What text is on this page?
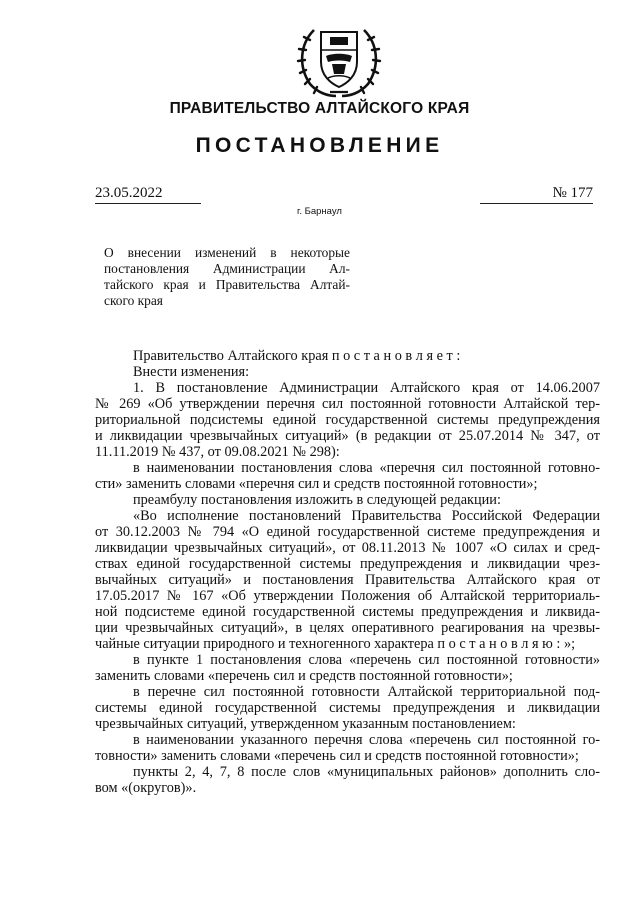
ПРАВИТЕЛЬСТВО АЛТАЙСКОГО КРАЯ
ПОСТАНОВЛЕНИЕ
23.05.2022	№ 177
г. Барнаул
О внесении изменений в некоторые
постановления Администрации Ал-
тайского края и Правительства Алтай-
ского края
Правительство Алтайского края п о с т а н о в л я е т :
Внести изменения:
1. В постановление Администрации Алтайского края от 14.06.2007
№ 269 «Об утверждении перечня сил постоянной готовности Алтайской тер-
риториальной подсистемы единой государственной системы предупреждения
и ликвидации чрезвычайных ситуаций» (в редакции от 25.07.2014 № 347, от
11.11.2019 № 437, от 09.08.2021 № 298):
в наименовании постановления слова «перечня сил постоянной готовно-
сти» заменить словами «перечня сил и средств постоянной готовности»;
преамбулу постановления изложить в следующей редакции:
«Во исполнение постановлений Правительства Российской Федерации
от 30.12.2003 № 794 «О единой государственной системе предупреждения и
ликвидации чрезвычайных ситуаций», от 08.11.2013 № 1007 «О силах и сред-
ствах единой государственной системы предупреждения и ликвидации чрез-
вычайных ситуаций» и постановления Правительства Алтайского края от
17.05.2017 № 167 «Об утверждении Положения об Алтайской территориаль-
ной подсистеме единой государственной системы предупреждения и ликвида-
ции чрезвычайных ситуаций», в целях оперативного реагирования на чрезвы-
чайные ситуации природного и техногенного характера п о с т а н о в л я ю : »;
в пункте 1 постановления слова «перечень сил постоянной готовности»
заменить словами «перечень сил и средств постоянной готовности»;
в перечне сил постоянной готовности Алтайской территориальной под-
системы единой государственной системы предупреждения и ликвидации
чрезвычайных ситуаций, утвержденном указанным постановлением:
в наименовании указанного перечня слова «перечень сил постоянной го-
товности» заменить словами «перечень сил и средств постоянной готовности»;
пункты 2, 4, 7, 8 после слов «муниципальных районов» дополнить сло-
вом «(округов)».
